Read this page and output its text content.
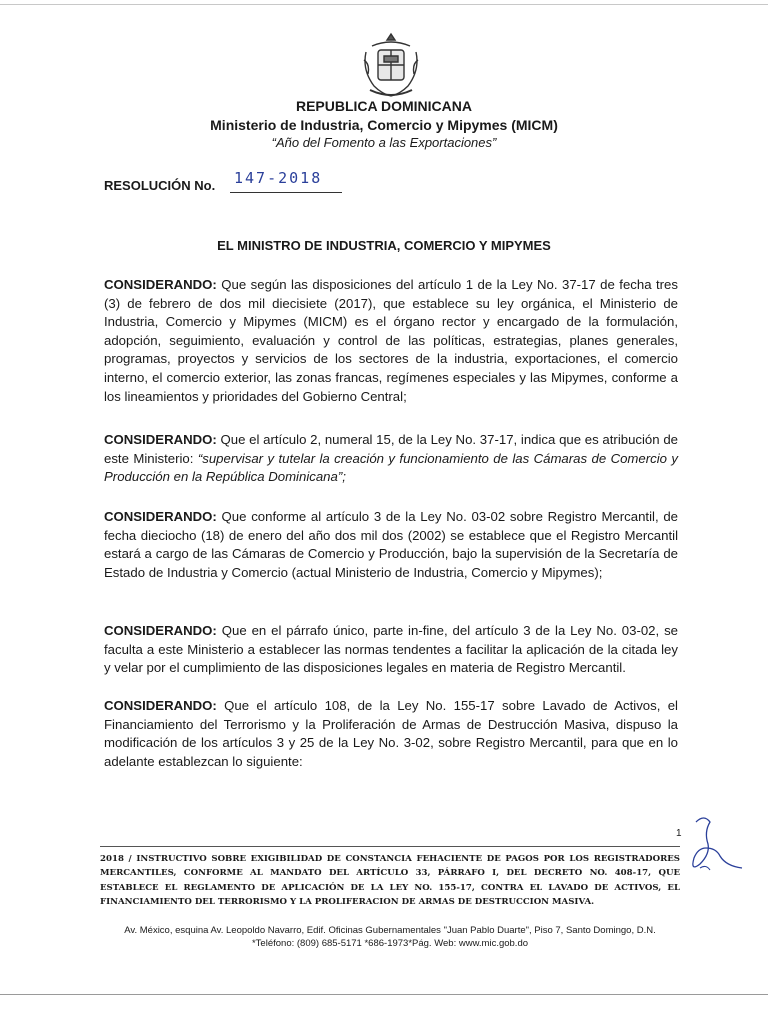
REPUBLICA DOMINICANA
Ministerio de Industria, Comercio y Mipymes (MICM)
“Año del Fomento a las Exportaciones”
RESOLUCIÓN No. 147-2018
EL MINISTRO DE INDUSTRIA, COMERCIO Y MIPYMES
CONSIDERANDO: Que según las disposiciones del artículo 1 de la Ley No. 37-17 de fecha tres (3) de febrero de dos mil diecisiete (2017), que establece su ley orgánica, el Ministerio de Industria, Comercio y Mipymes (MICM) es el órgano rector y encargado de la formulación, adopción, seguimiento, evaluación y control de las políticas, estrategias, planes generales, programas, proyectos y servicios de los sectores de la industria, exportaciones, el comercio interno, el comercio exterior, las zonas francas, regímenes especiales y las Mipymes, conforme a los lineamientos y prioridades del Gobierno Central;
CONSIDERANDO: Que el artículo 2, numeral 15, de la Ley No. 37-17, indica que es atribución de este Ministerio: “supervisar y tutelar la creación y funcionamiento de las Cámaras de Comercio y Producción en la República Dominicana”;
CONSIDERANDO: Que conforme al artículo 3 de la Ley No. 03-02 sobre Registro Mercantil, de fecha dieciocho (18) de enero del año dos mil dos (2002) se establece que el Registro Mercantil estará a cargo de las Cámaras de Comercio y Producción, bajo la supervisión de la Secretaría de Estado de Industria y Comercio (actual Ministerio de Industria, Comercio y Mipymes);
CONSIDERANDO: Que en el párrafo único, parte in-fine, del artículo 3 de la Ley No. 03-02, se faculta a este Ministerio a establecer las normas tendentes a facilitar la aplicación de la citada ley y velar por el cumplimiento de las disposiciones legales en materia de Registro Mercantil.
CONSIDERANDO: Que el artículo 108, de la Ley No. 155-17 sobre Lavado de Activos, el Financiamiento del Terrorismo y la Proliferación de Armas de Destrucción Masiva, dispuso la modificación de los artículos 3 y 25 de la Ley No. 3-02, sobre Registro Mercantil, para que en lo adelante establezcan lo siguiente:
1
2018 / INSTRUCTIVO SOBRE EXIGIBILIDAD DE CONSTANCIA FEHACIENTE DE PAGOS POR LOS REGISTRADORES MERCANTILES, CONFORME AL MANDATO DEL ARTÍCULO 33, PÁRRAFO I, DEL DECRETO NO. 408-17, QUE ESTABLECE EL REGLAMENTO DE APLICACIÓN DE LA LEY NO. 155-17, CONTRA EL LAVADO DE ACTIVOS, EL FINANCIAMIENTO DEL TERRORISMO Y LA PROLIFERACION DE ARMAS DE DESTRUCCION MASIVA.
Av. México, esquina Av. Leopoldo Navarro, Edif. Oficinas Gubernamentales "Juan Pablo Duarte", Piso 7, Santo Domingo, D.N.
*Teléfono: (809) 685-5171 *686-1973*Pág. Web: www.mic.gob.do
